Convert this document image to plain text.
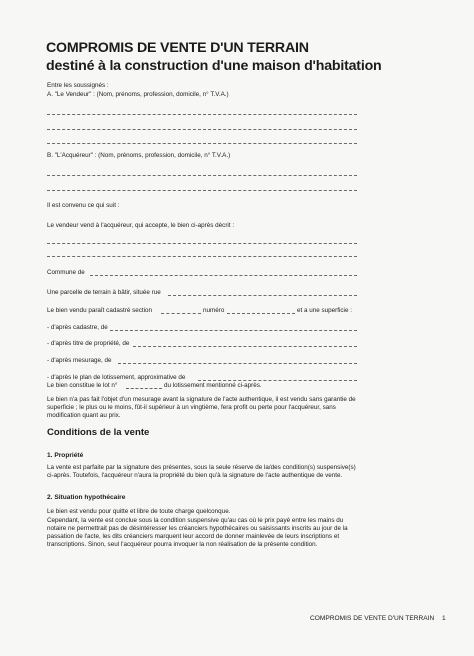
COMPROMIS DE VENTE D'UN TERRAIN
destiné à la construction d'une maison d'habitation
Entre les soussignés :
A. "Le Vendeur" : (Nom, prénoms, profession, domicile, n° T.V.A.)
B. "L'Acquéreur" : (Nom, prénoms, profession, domicile, n° T.V.A.)
Il est convenu ce qui suit :
Le vendeur vend à l'acquéreur, qui accepte, le bien ci-après décrit :
Commune de
Une parcelle de terrain à bâtir, située rue
Le bien vendu paraît cadastré section	numéro	et a une superficie :
- d'après cadastre, de
- d'après titre de propriété, de
- d'après mesurage, de
- d'après le plan de lotissement, approximative de
Le bien constitue le lot n°	du lotissement mentionné ci-après.
Le bien n'a pas fait l'objet d'un mesurage avant la signature de l'acte authentique, il est vendu sans garantie de superficie ; le plus ou le moins, fût-il supérieur à un vingtième, fera profit ou perte pour l'acquéreur, sans modification quant au prix.
Conditions de la vente
1. Propriété
La vente est parfaite par la signature des présentes, sous la seule réserve de la/des condition(s) suspensive(s) ci-après. Toutefois, l'acquéreur n'aura la propriété du bien qu'à la signature de l'acte authentique de vente.
2. Situation hypothécaire
Le bien est vendu pour quitte et libre de toute charge quelconque.
Cependant, la vente est conclue sous la condition suspensive qu'au cas où le prix payé entre les mains du notaire ne permettrait pas de désintéresser les créanciers hypothécaires ou saisissants inscrits au jour de la passation de l'acte, les dits créanciers marquent leur accord de donner mainlevée de leurs inscriptions et transcriptions. Sinon, seul l'acquéreur pourra invoquer la non réalisation de la présente condition.
COMPROMIS DE VENTE D'UN TERRAIN 1
